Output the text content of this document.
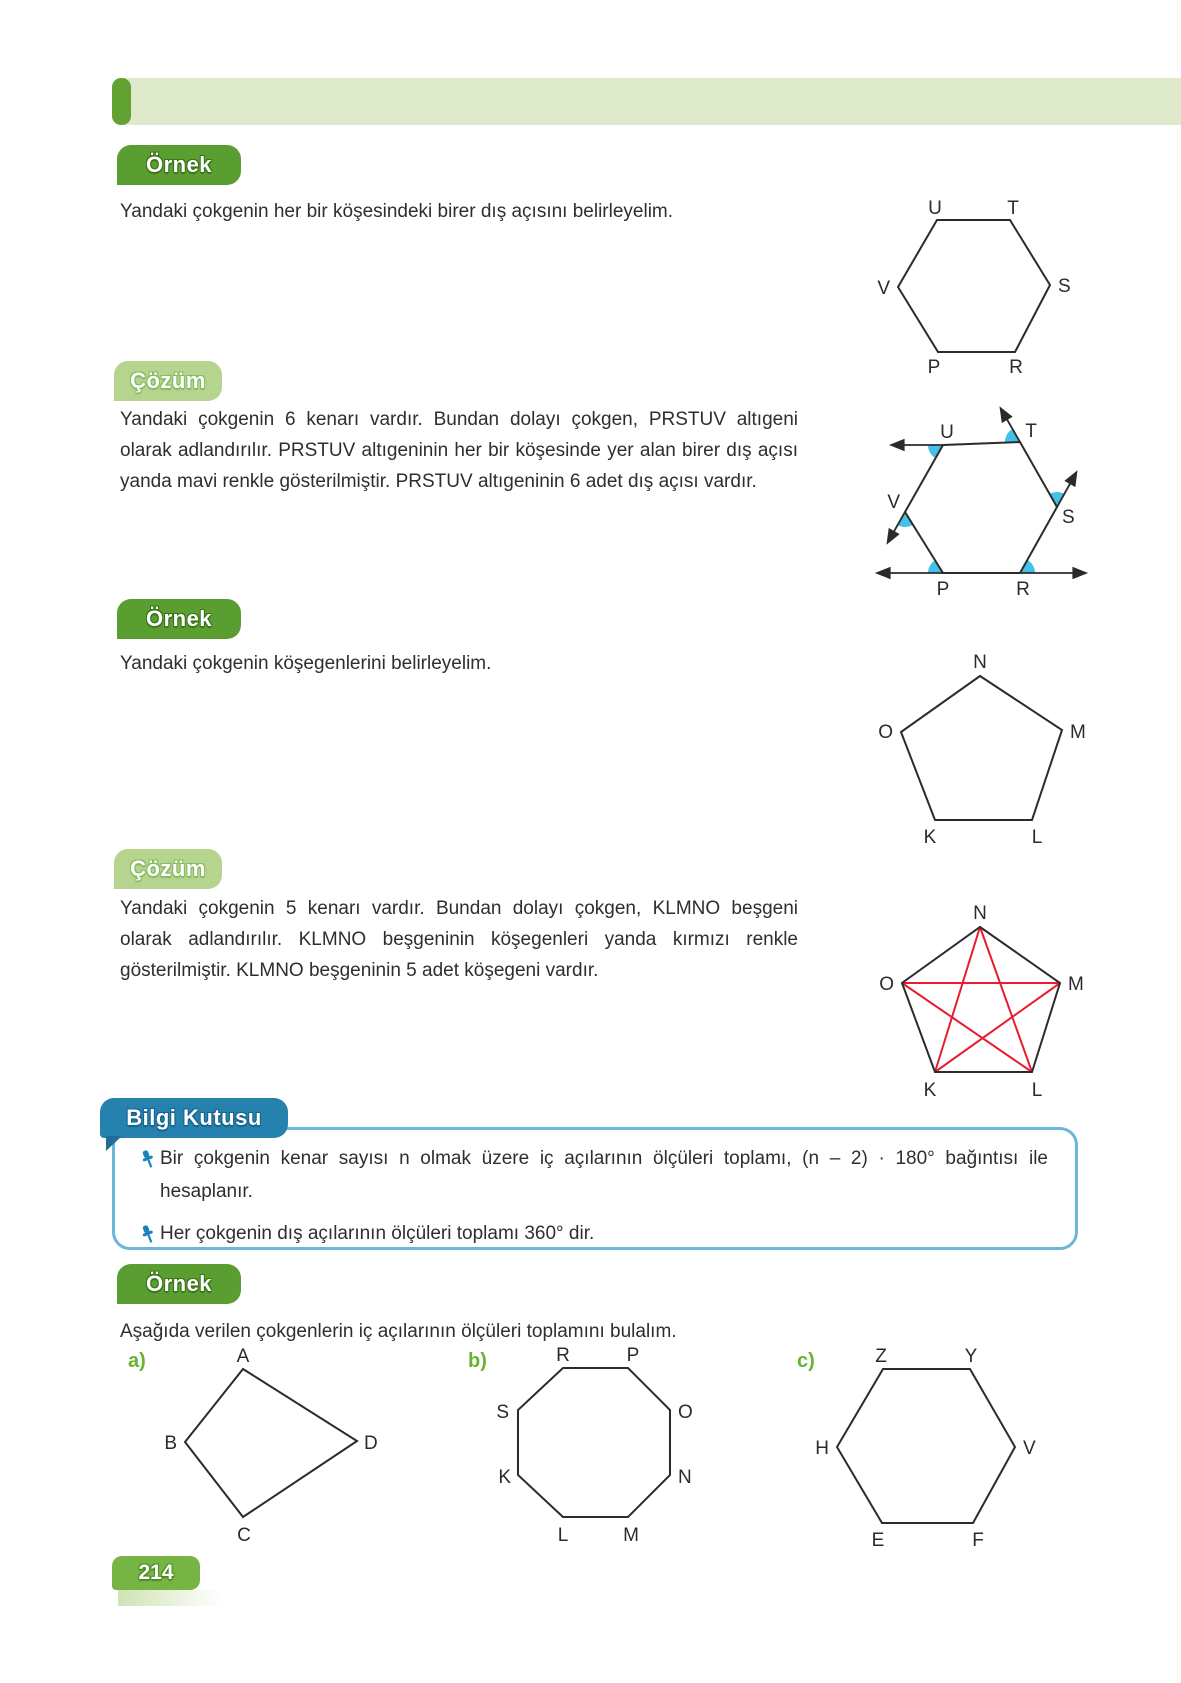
Örnek
Yandaki çokgenin her bir köşesindeki birer dış açısını belirleyelim.	U	T
S
R
P
V
Çözüm
Yandaki çokgenin 6 kenarı vardır. Bundan dolayı çokgen, PRSTUV altıgeni olarak adlandırılır. PRSTUV altıgeninin her bir köşesinde yer alan birer dış açısı yanda mavi renkle gösterilmiştir. PRSTUV altıgeninin 6 adet dış açısı vardır.
U	T
S
R
P
V
Örnek
Yandaki çokgenin köşegenlerini belirleyelim.	N
M
L
K
O
Çözüm
Yandaki çokgenin 5 kenarı vardır. Bundan dolayı çokgen, KLMNO beşgeni olarak adlandırılır. KLMNO beşgeninin köşegenleri yanda kırmızı renkle gösterilmiştir. KLMNO beşgeninin 5 adet köşegeni vardır.
N
M
L
K
O
Bilgi Kutusu
Bir çokgenin kenar sayısı n olmak üzere iç açılarının ölçüleri toplamı, (n – 2) · 180° bağıntısı ile hesaplanır.
Her çokgenin dış açılarının ölçüleri toplamı 360° dir.
Örnek
Aşağıda verilen çokgenlerin iç açılarının ölçüleri toplamını bulalım.
a)	A
B
C
D
b)	R	P
O
N
M
L
K
S
c)	Z	Y
V
F
E
H
214
